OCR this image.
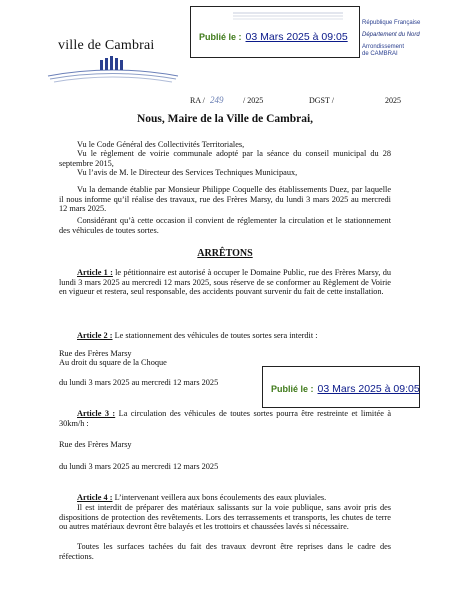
Publié le : 03 Mars 2025 à 09:05
ville de Cambrai
République Française
Département du Nord
Arrondissement
de CAMBRAI
RA / 249 / 2025	DGST /	2025
Nous, Maire de la Ville de Cambrai,
Vu le Code Général des Collectivités Territoriales,
Vu le règlement de voirie communale adopté par la séance du conseil municipal du 28 septembre 2015,
Vu l’avis de M. le Directeur des Services Techniques Municipaux,
Vu la demande établie par Monsieur Philippe Coquelle des établissements Duez, par laquelle il nous informe qu’il réalise des travaux, rue des Frères Marsy, du lundi 3 mars 2025 au mercredi 12 mars 2025.
Considérant qu’à cette occasion il convient de réglementer la circulation et le stationnement des véhicules de toutes sortes.
ARRÊTONS
Article 1 : le pétitionnaire est autorisé à occuper le Domaine Public, rue des Frères Marsy, du lundi 3 mars 2025 au mercredi 12 mars 2025, sous réserve de se conformer au Règlement de Voirie en vigueur et restera, seul responsable, des accidents pouvant survenir du fait de cette installation.
Article 2 : Le stationnement des véhicules de toutes sortes sera interdit :
Rue des Frères Marsy
Au droit du square de la Choque
du lundi 3 mars 2025 au mercredi 12 mars 2025
Publié le : 03 Mars 2025 à 09:05
Article 3 : La circulation des véhicules de toutes sortes pourra être restreinte et limitée à 30km/h :
Rue des Frères Marsy
du lundi 3 mars 2025 au mercredi 12 mars 2025
Article 4 : L’intervenant veillera aux bons écoulements des eaux pluviales.
Il est interdit de préparer des matériaux salissants sur la voie publique, sans avoir pris des dispositions de protection des revêtements. Lors des terrassements et transports, les chutes de terre ou autres matériaux devront être balayés et les trottoirs et chaussées lavés si nécessaire.
Toutes les surfaces tachées du fait des travaux devront être reprises dans le cadre des réfections.
